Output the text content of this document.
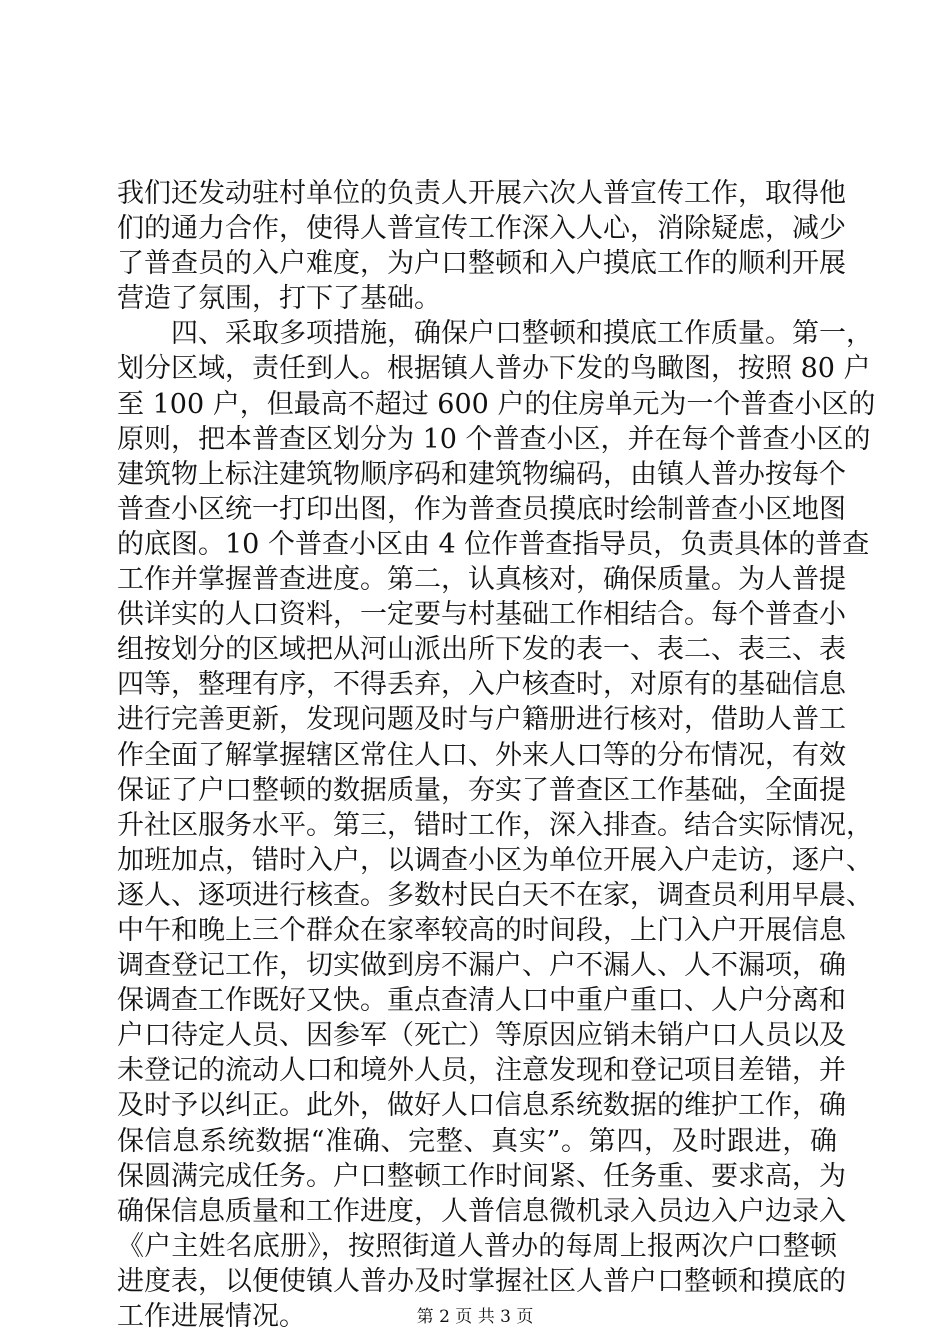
我们还发动驻村单位的负责人开展六次人普宣传工作，取得他
们的通力合作，使得人普宣传工作深入人心，消除疑虑，减少
了普查员的入户难度，为户口整顿和入户摸底工作的顺利开展
营造了氛围，打下了基础。
　　四、采取多项措施，确保户口整顿和摸底工作质量。第一，
划分区域，责任到人。根据镇人普办下发的鸟瞰图，按照 80 户
至 100 户，但最高不超过 600 户的住房单元为一个普查小区的
原则，把本普查区划分为 10 个普查小区，并在每个普查小区的
建筑物上标注建筑物顺序码和建筑物编码，由镇人普办按每个
普查小区统一打印出图，作为普查员摸底时绘制普查小区地图
的底图。10 个普查小区由 4 位作普查指导员，负责具体的普查
工作并掌握普查进度。第二，认真核对，确保质量。为人普提
供详实的人口资料，一定要与村基础工作相结合。每个普查小
组按划分的区域把从河山派出所下发的表一、表二、表三、表
四等，整理有序，不得丢弃，入户核查时，对原有的基础信息
进行完善更新，发现问题及时与户籍册进行核对，借助人普工
作全面了解掌握辖区常住人口、外来人口等的分布情况，有效
保证了户口整顿的数据质量，夯实了普查区工作基础，全面提
升社区服务水平。第三，错时工作，深入排查。结合实际情况，
加班加点，错时入户，以调查小区为单位开展入户走访，逐户、
逐人、逐项进行核查。多数村民白天不在家，调查员利用早晨、
中午和晚上三个群众在家率较高的时间段，上门入户开展信息
调查登记工作，切实做到房不漏户、户不漏人、人不漏项，确
保调查工作既好又快。重点查清人口中重户重口、人户分离和
户口待定人员、因参军（死亡）等原因应销未销户口人员以及
未登记的流动人口和境外人员，注意发现和登记项目差错，并
及时予以纠正。此外，做好人口信息系统数据的维护工作，确
保信息系统数据“准确、完整、真实”。第四，及时跟进，确
保圆满完成任务。户口整顿工作时间紧、任务重、要求高，为
确保信息质量和工作进度，人普信息微机录入员边入户边录入
《户主姓名底册》，按照街道人普办的每周上报两次户口整顿
进度表，以便使镇人普办及时掌握社区人普户口整顿和摸底的
工作进展情况。	第 2 页 共 3 页
